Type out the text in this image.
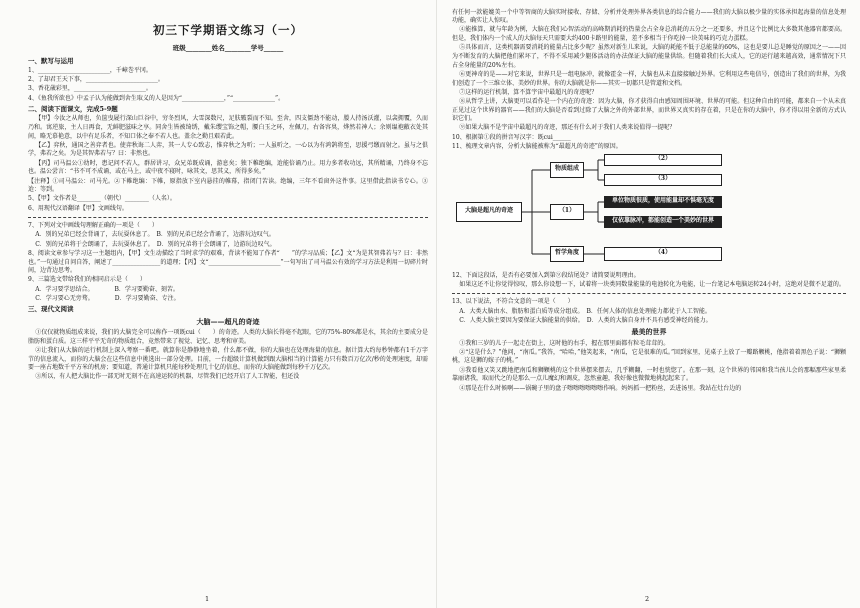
初三下学期语文练习（一）
班级________姓名________学号______
一、默写与运用

1、________________________，千嶂巻平冈。

2、了却君王天下事，________________________。

3、香花歳彩里，________________________。

4、《鱼我所欲也》中孟子认为能做到舍生取义的人是因为“______________，”“______________”。

二、阅读下面课文，完成5-9题

【甲】今汝之从师也，负箧曳屣行深山巨谷中，穷冬烈风，大雪深数尺，足肤皲裂而不知。至舍，四支僵劲不能动，媵人持汤沃灌，以衾拥覆，久而乃和。寓逆旅，主人日再食，无鲜肥滋味之享。同舍生皆被绮绣，戴朱缨宝饰之帽，腰白玉之环，左佩刀，右备容臭，烨然若神人；余则缊袍敝衣处其间，略无慕艳意，以中有足乐者，不知口体之奉不若人也。盖余之勤且艰若此。

【乙】弈秋，通国之善弈者也。使弈秋诲二人弈，其一人专心致志，惟弈秋之为听；一人虽听之，一心以为有鸿鹄将至，思援弓缴而射之。虽与之俱学，弗若之矣。为是其智弗若与？曰：非然也。

【丙】司马温公①幼时，患记问不若人，群居讲习，众兄弟既成诵，游息矣；独下帷绝编，迨能倍诵乃止。用力多者收功远，其所精诵，乃终身不忘也。温公尝言：“书不可不成诵，或在马上，或中夜不寝时，咏其文，思其义，所得多矣。”

【注释】①司马温公：司马光。②下帷绝编：下帷，原指放下室内悬挂的帷幕，指闭门苦读。绝编，三年不看窗外这件事。这里借此指读书专心。③迨：等到。

5、【甲】文作者是________（朝代）________（人名）。

6、用现代汉语翻译【甲】文画线句。

7、下列对文中画线句理解正确的一项是（　　）

A．别的兄弟已经会背诵了，去玩耍休息了。　B．别的兄弟已经会背诵了，边游玩边叹气。

C．别的兄弟将于会朗诵了，去玩耍休息了。　D．别的兄弟将于会朗诵了，边游玩边叹气。

8、阅读文章参与学习这一主题组内，【甲】文生动描绘了当时求学的艰难，背读不能知了作者“　　”的学习品质；【乙】文“为是其智弗若与？曰：非然也。”一句通过自问自答，阐述了________________的道理；【丙】文“________________________”一句写出了司马温公有效的学习方法是利用一切碎片时间，边背边思考。

9、三篇选文带给我们的相同启示是（　　）

A．学习要学思结合。　　　　B．学习要勤奋、刻苦。

C．学习要心无旁骛。　　　　D．学习要勤奋、专注。

三、现代文阅读
大脑——超凡的奇迹

①仅仅就物质组成来说，我们的大脑完全可以称作一项既cui（　　）的奇迹。人类的大脑长得毫不起眼，它的75%-80%都是水，其余的主要成分是脂肪和蛋白质。这三样平平无奇的物质组合，竟然带来了视觉、记忆、思考和审美。

②让我们从大脑的运行机制上深入考察一番吧。就算你是静静地坐着，什么都不做，你的大脑也在处理海量的信息。据计算大约每秒钟都有1千万字节的信息流入，而你的大脑会在这些信息中挑选出一部分处理。目前，一台超级计算机做到跟大脑相当的计算能力只有数百万亿次/秒的处理速度，却需要一座占地数千平方米的机房；要知道，普通计算机只能每秒处理几十亿的信息，而你的大脑能做到每秒千万亿次。

③所以，有人把大脑比作一部无时无刻不在高速运转的机器，尽管我们已经开启了人工智能，但还没

1

有任何一款能媲美一个中等智商的大脑实时接收、存储、分析并处理外界各类信息的综合能力——我们的大脑以极少量的实体承担起海量的信息处理功能，确实让人惊叹。

④能推算，就与年龄为例，大脑在我们心智活动的高峰期消耗的热量会占全身总消耗的五分之一还要多，并且这个比例比大多数其他器官都要高。但是，我们体内一个成人的大脑每天只需要大约400卡路里的能量，差不多相当于你吃掉一块美味的巧克力蛋糕。

⑤具体而言，这类机器需要消耗的能量占比多少呢？虽然对新生儿来说，大脑的耗能不低于总能量的60%，这也是要儿总是睡觉的原因之一——因为不断发育的大脑把他们累坏了，不得不采用减少躯体活动的办法保证大脑的能量供给。但随着我们长大成人，它的运行越来越高效，通常情况下只占全身能量的20%左右。

⑥更神奇的是——对它来说，世界只是一组电脉冲，就像霍金一样，大脑也从未直接接触过外界。它利用这些电信号，创造出了我们的世界，为我们创造了一个三维立体、美妙的世界。你的大脑就是你——其实一切都只是管道和文档。

⑦这样的运行机制，算不算宇宙中最超凡的奇迹呢？

⑧从哲学上讲，大脑更可以看作是一个内在的奇迹：因为大脑，你才获得自由感知周围环境、世界的可能。但这种自由的可能，都来自一个从未真正见过这个世界的器官——我们的大脑是否看到过除了大脑之外的外部世界，而世界又真实的存在着，只是在你的大脑中，你才得以用全新的方式认识它们。

⑨如果大脑不是宇宙中最超凡的奇迹，那还有什么对于我们人类来说值得一提呢？

10、根据第①段的拼音写汉字：既cui______

11、梳理文章内容，分析大脑能被称为“最超凡的奇迹”的原因。

大脑是超凡的奇迹
物质组成
（2）
（3）
（1）
单位物质很质，使用能量却不惧毫无度
仅依靠脉冲，都能创造一个美妙的世界
哲学角度	（4）

12、下面这段话，是否有必要加入到第⑨段结尾处？请简要说明理由。

如果这还不让你觉得惊叹，那么你设想一下，试着将一块类同数量能量的电池转化为电能，让一台笔记本电脑运转24小时，这绝对是微不足道的。

13、以下说法，不符合文意的一项是（　　）

A．大类大脑由水、脂肪和蛋白质等成分组成。　B．任何人体的信息处理能力都优于人工智能。

C．人类大脑主要因为要保证大脑能量的供给。　D．人类的大脑自身并不具有感受神经的能力。

最美的世界

①我和三岁的儿子一起走在街上，这时他的右手，握在那里面都有粒毛茸茸的。

②“这是什么？”他问，“南瓜。”我答，“哈哈，”他笑起来，“南瓜，它是很难的瓜。”回到家里，见桌子上放了一瓣路颗桃，他指着着黑色子说：“狮颗桃，这是狮的嫁子的桃。”

③我看他又笑又跳地把南瓜和狮颗桃的这个世界摆来摆去，几乎糊翻，一时也恍惚了。在那一刻，这个世界的邻国和我当孩儿会的那幅那些家里柔靠丽诸我，取而代之的是那么一点儿魔幻和调皮，忽然童趣，我好像也微微地挑起起来了。

④那是在什么时候啊——锅碗子里的盘子嚓嚓嚓嚓嚓嚓作响。妈妈抓一把粉丝，丢进汤里。我站在灶台边的

2
